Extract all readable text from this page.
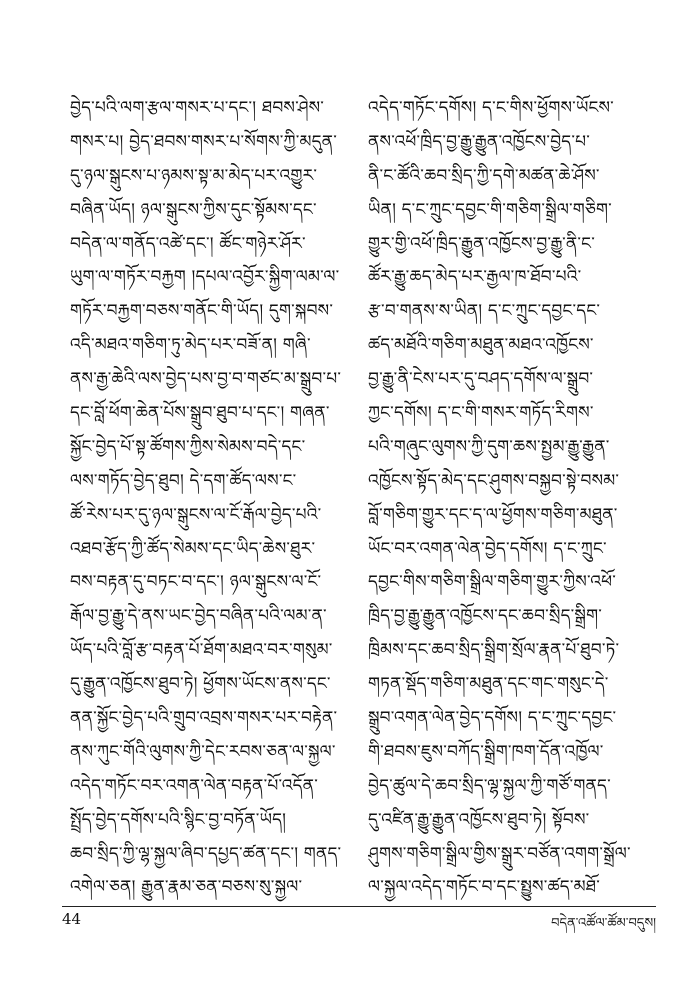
བྱེད་པའི་ལག་རྩལ་གསར་པ་དང་། ཐབས་ཤེས་
གསར་པ། བྱེད་ཐབས་གསར་པ་སོགས་ཀྱི་མདུན་
དུ་ཉལ་སྒུངས་པ་ཉམས་སྟ་མ་མེད་པར་འགྱུར་
བཞིན་ཡོད། ཉལ་སྒུངས་ཀྱིས་དུང་སྟོམས་དང་
བདེན་ལ་གནོད་འཚེ་དང་། ཚོང་གཉེར་ཤོར་
ཡུག་ལ་གཏོར་བརྐྱག །དཔལ་འབྱོར་སྐྱིག་ལམ་ལ་
གཏོར་བརྐྱག་བཅས་གནོང་གི་ཡོད། དུག་སྐབས་
འདི་མཐའ་གཅིག་ཏུ་མེད་པར་བཟོ་ན། གཞི་
ནས་རྒྱ་ཆེའི་ལས་བྱེད་པས་བྱ་བ་གཙང་མ་སྒྲུབ་པ་
དང་བློ་ཕོག་ཆེན་པོས་སྒྲུབ་ཐུབ་པ་དང་། གཞན་
སྐྱོང་བྱེད་པོ་སྟ་ཚོགས་ཀྱིས་སེམས་བདེ་དང་
ལས་གཏོད་བྱེད་ཐུབ། དེ་དག་ཚོད་ལས་ང་
ཚོ་རེས་པར་དུ་ཉལ་སྒུངས་ལ་ངོ་རྒོལ་བྱེད་པའི་
འཐབ་རྩོད་ཀྱི་ཚོད་སེམས་དང་ཡིད་ཆེས་ཐུར་
བས་བརྟན་དུ་བཏང་བ་དང་། ཉལ་སྒུངས་ལ་ངོ་
རྒོལ་བྱ་རྒྱུ་དེ་ནས་ཡང་བྱེད་བཞིན་པའི་ལམ་ན་
ཡོད་པའི་བློ་རྩ་བརྟན་པོ་ཐོག་མཐའ་བར་གསུམ་
དུ་རྒྱུན་འཁྱོངས་ཐུབ་ཏེ། ཕྱོགས་ཡོངས་ནས་དང་
ནན་སྐྱོང་བྱེད་པའི་གྲུབ་འབྲས་གསར་པར་བརྟེན་
ནས་ཀུང་གོའི་ལུགས་ཀྱི་དེང་རབས་ཅན་ལ་སྐྱལ་
འདེད་གཏོང་བར་འགན་ལེན་བརྟན་པོ་འདོན་
སྤྲོད་བྱེད་དགོས་པའི་སྙིང་བྱ་བཏོན་ཡོད།
ཆབ་སྲིད་ཀྱི་ལྷ་སྐྱལ་ཞིབ་དཔྱད་ཚན་དང་། གནད་
འགེལ་ཅན། རྒྱུན་རྣམ་ཅན་བཅས་སུ་སྐྱལ་
འདེད་གཏོང་དགོས། ད་ང་གིས་ཕྱོགས་ཡོངས་
ནས་འཕོ་ཁྲིད་བྱ་རྒྱུ་རྒྱུན་འཁྱོངས་བྱེད་པ་
ནི་ང་ཚོའི་ཆབ་སྲིད་ཀྱི་དགེ་མཚན་ཆེ་ཤོས་
ཡིན། ད་ང་ཀྲུང་དབྱང་གི་གཅིག་སྒྲིལ་གཅིག་
གྱུར་གྱི་འཕོ་ཁྲིད་རྒྱུན་འཁྱོངས་བྱ་རྒྱུ་ནི་ང་
ཚོར་རྒྱུ་ཆད་མེད་པར་རྒྱལ་ཁ་ཐོབ་པའི་
རྩ་བ་གནས་ས་ཡིན། ད་ང་ཀྲུང་དབྱང་དང་
ཚད་མཐོའི་གཅིག་མཐུན་མཐའ་འཁྱོངས་
བྱ་རྒྱུ་ནི་ངེས་པར་དུ་བཤད་དགོས་ལ་སྒྲུབ་
ཀྱང་དགོས། ད་ང་གི་གསར་གཏོད་རིགས་
པའི་གཞུང་ལུགས་ཀྱི་དུག་ཆས་སྤྱམ་རྒྱུ་རྒྱུན་
འཁྱོངས་སྟོད་མེད་དང་ཤུགས་བསྐྱབ་སྟེ་བསམ་
བློ་གཅིག་གྱུར་དང་ད་ལ་ཕྱོགས་གཅིག་མཐུན་
ཡོང་བར་འགན་ལེན་བྱེད་དགོས། ད་ང་ཀྲུང་
དབྱང་གིས་གཅིག་སྒྲིལ་གཅིག་གྱུར་ཀྱིས་འཕོ་
ཁྲིད་བྱ་རྒྱུ་རྒྱུན་འཁྱོངས་དང་ཆབ་སྲིད་སྒྲིག་
ཁྲིམས་དང་ཆབ་སྲིད་སྒྲིག་སྲོལ་རྣན་པོ་ཐུབ་ཏེ་
གཏན་སྡོད་གཅིག་མཐུན་དང་གང་གསུང་དེ་
སྒྲུབ་འགན་ལེན་བྱེད་དགོས། ད་ང་ཀྲུང་དབྱང་
གི་ཐབས་ཇུས་བཀོད་སྒྲིག་ཁག་དོན་འཁྱོལ་
བྱེད་ཚུལ་དེ་ཆབ་སྲིད་ལྷ་སྐྱལ་ཀྱི་གཙོ་གནད་
དུ་འཛིན་རྒྱུ་རྒྱུན་འཁྱོངས་ཐུབ་ཏེ། སྟོབས་
ཤུགས་གཅིག་སྒྲིལ་གྱིས་སྒྲུར་བཙོན་འགག་སྒྲོལ་
ལ་སྐྱལ་འདེད་གཏོང་བ་དང་སྤྱུས་ཚད་མཐོ་
44	བདེན་འཚོལ་ཚོམ་བདུས།
